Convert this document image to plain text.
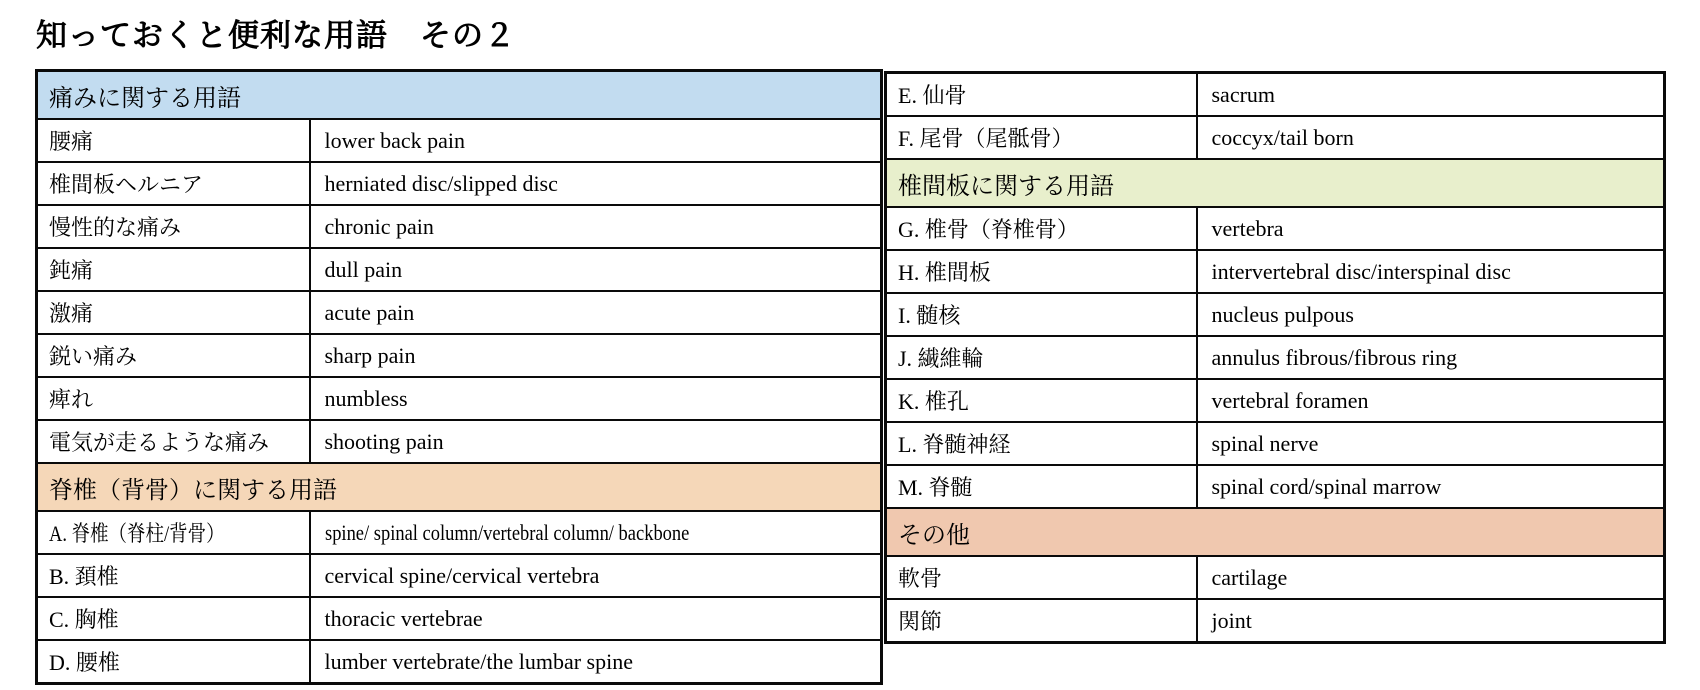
知っておくと便利な用語　その２
痛みに関する用語	
腰痛	lower back pain
椎間板ヘルニア	herniated disc/slipped disc
慢性的な痛み	chronic pain
鈍痛	dull pain
激痛	acute pain
鋭い痛み	sharp pain
痺れ	numbless
電気が走るような痛み	shooting pain
脊椎（背骨）に関する用語	
A. 脊椎（脊柱/背骨）	spine/ spinal column/vertebral column/ backbone
B. 頚椎	cervical spine/cervical vertebra
C. 胸椎	thoracic vertebrae
D. 腰椎	lumber vertebrate/the lumbar spine
E. 仙骨	sacrum
F. 尾骨（尾骶骨）	coccyx/tail born
椎間板に関する用語	
G. 椎骨（脊椎骨）	vertebra
H. 椎間板	intervertebral disc/interspinal disc
I. 髄核	nucleus pulpous
J. 繊維輪	annulus fibrous/fibrous ring
K. 椎孔	vertebral foramen
L. 脊髄神経	spinal nerve
M. 脊髄	spinal cord/spinal marrow
その他	
軟骨	cartilage
関節	joint
